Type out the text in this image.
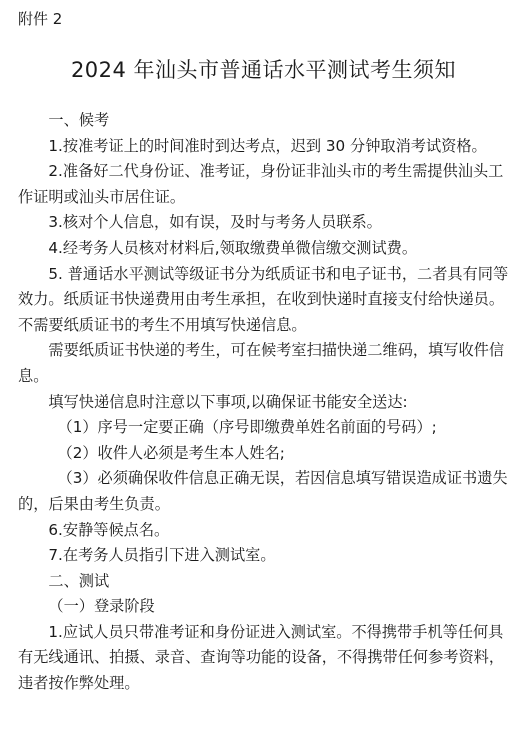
附件 2
2024 年汕头市普通话水平测试考生须知

一、候考

1.按准考证上的时间准时到达考点，迟到 30 分钟取消考试资格。

2.准备好二代身份证、准考证，身份证非汕头市的考生需提供汕头工作证明或汕头市居住证。

3.核对个人信息，如有误，及时与考务人员联系。

4.经考务人员核对材料后,领取缴费单微信缴交测试费。

5. 普通话水平测试等级证书分为纸质证书和电子证书，二者具有同等效力。纸质证书快递费用由考生承担，在收到快递时直接支付给快递员。不需要纸质证书的考生不用填写快递信息。

需要纸质证书快递的考生，可在候考室扫描快递二维码，填写收件信息。

填写快递信息时注意以下事项,以确保证书能安全送达:

（1）序号一定要正确（序号即缴费单姓名前面的号码）;

（2）收件人必须是考生本人姓名;

（3）必须确保收件信息正确无误，若因信息填写错误造成证书遗失的，后果由考生负责。

6.安静等候点名。

7.在考务人员指引下进入测试室。

二、测试

（一）登录阶段

1.应试人员只带准考证和身份证进入测试室。不得携带手机等任何具有无线通讯、拍摄、录音、查询等功能的设备，不得携带任何参考资料，违者按作弊处理。
